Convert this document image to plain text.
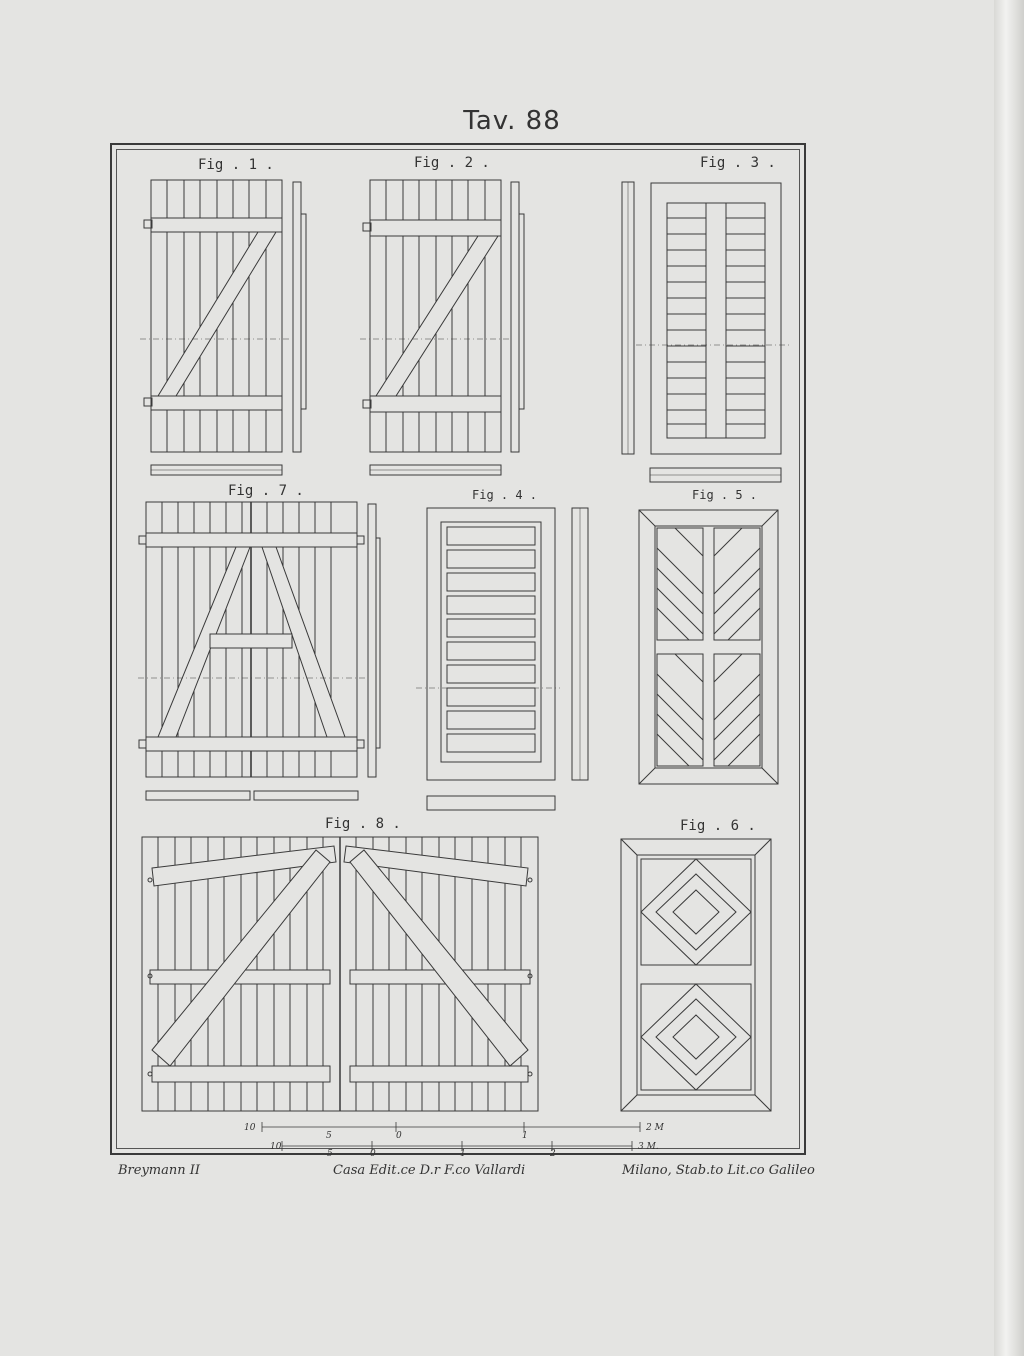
Tav. 88
Fig . 1 .	Fig . 2 .	Fig . 3 .
Fig . 7 .	Fig . 4 .	Fig . 5 .
Fig . 8 .	Fig . 6 .
10
5	0	1
2 M
10
5	0	1	2
3 M.
Breymann II	Casa Edit.ce D.r F.co Vallardi	Milano, Stab.to Lit.co Galileo
